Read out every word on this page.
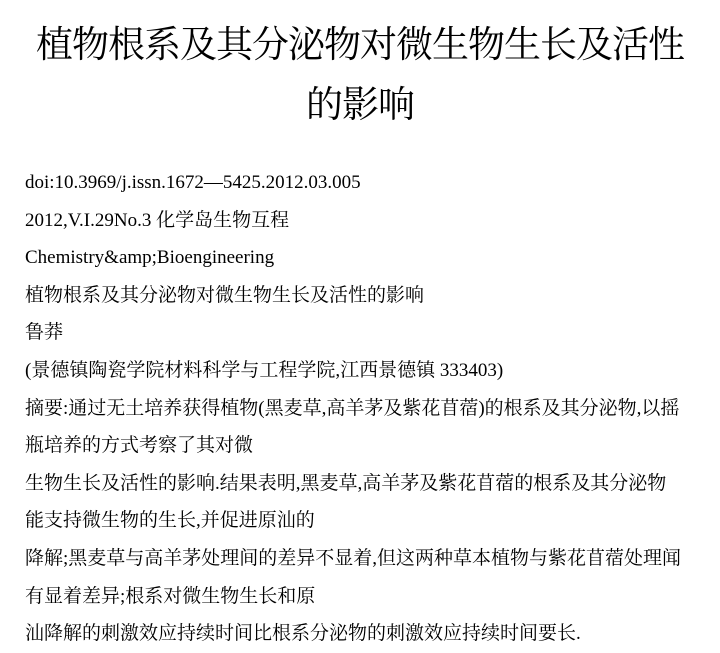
植物根系及其分泌物对微生物生长及活性
的影响

doi:10.3969/j.issn.1672—5425.2012.03.005

2012,V.I.29No.3 化学岛生物互程

Chemistry&amp;Bioengineering

植物根系及其分泌物对微生物生长及活性的影响

鲁莽

(景德镇陶瓷学院材料科学与工程学院,江西景德镇 333403)

摘要:通过无土培养获得植物(黑麦草,高羊茅及紫花苜蓿)的根系及其分泌物,以摇

瓶培养的方式考察了其对微

生物生长及活性的影响.结果表明,黑麦草,高羊茅及紫花苜蓿的根系及其分泌物

能支持微生物的生长,并促进原汕的

降解;黑麦草与高羊茅处理间的差异不显着,但这两种草本植物与紫花苜蓿处理闻

有显着差异;根系对微生物生长和原

汕降解的刺激效应持续时间比根系分泌物的刺激效应持续时间要长.
